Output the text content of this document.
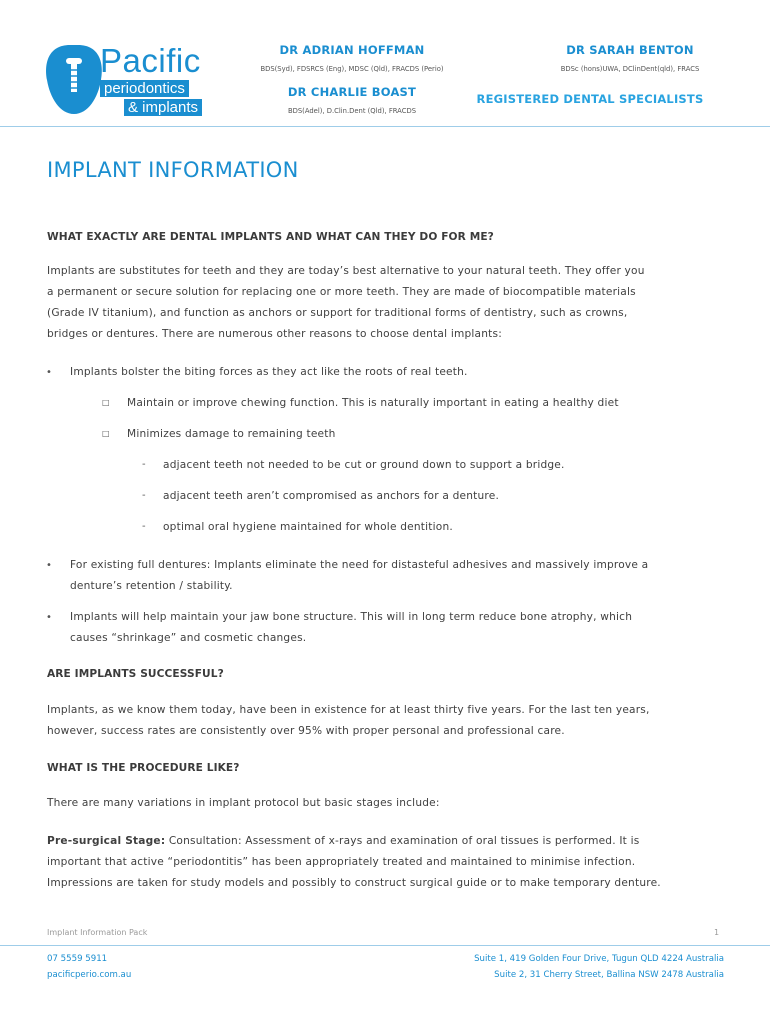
Pacific
periodontics
& implants
DR ADRIAN HOFFMAN
BDS(Syd), FDSRCS (Eng), MDSC (Qld), FRACDS (Perio)
DR SARAH BENTON
BDSc (hons)UWA, DClinDent(qld), FRACS
DR CHARLIE BOAST
BDS(Adel), D.Clin.Dent (Qld), FRACDS
REGISTERED DENTAL SPECIALISTS
IMPLANT INFORMATION
WHAT EXACTLY ARE DENTAL IMPLANTS AND WHAT CAN THEY DO FOR ME?
Implants are substitutes for teeth and they are today’s best alternative to your natural teeth. They offer you
a permanent or secure solution for replacing one or more teeth. They are made of biocompatible materials
(Grade IV titanium), and function as anchors or support for traditional forms of dentistry, such as crowns,
bridges or dentures. There are numerous other reasons to choose dental implants:
• Implants bolster the biting forces as they act like the roots of real teeth.
□ Maintain or improve chewing function. This is naturally important in eating a healthy diet
□ Minimizes damage to remaining teeth
- adjacent teeth not needed to be cut or ground down to support a bridge.
- adjacent teeth aren’t compromised as anchors for a denture.
- optimal oral hygiene maintained for whole dentition.
• For existing full dentures: Implants eliminate the need for distasteful adhesives and massively improve a
denture’s retention / stability.
• Implants will help maintain your jaw bone structure. This will in long term reduce bone atrophy, which
causes “shrinkage” and cosmetic changes.
ARE IMPLANTS SUCCESSFUL?
Implants, as we know them today, have been in existence for at least thirty five years. For the last ten years,
however, success rates are consistently over 95% with proper personal and professional care.
WHAT IS THE PROCEDURE LIKE?
There are many variations in implant protocol but basic stages include:
Pre-surgical Stage: Consultation: Assessment of x-rays and examination of oral tissues is performed. It is
important that active “periodontitis” has been appropriately treated and maintained to minimise infection.
Impressions are taken for study models and possibly to construct surgical guide or to make temporary denture.
Implant Information Pack	1
07 5559 5911
pacificperio.com.au
Suite 1, 419 Golden Four Drive, Tugun QLD 4224 Australia
Suite 2, 31 Cherry Street, Ballina NSW 2478 Australia
